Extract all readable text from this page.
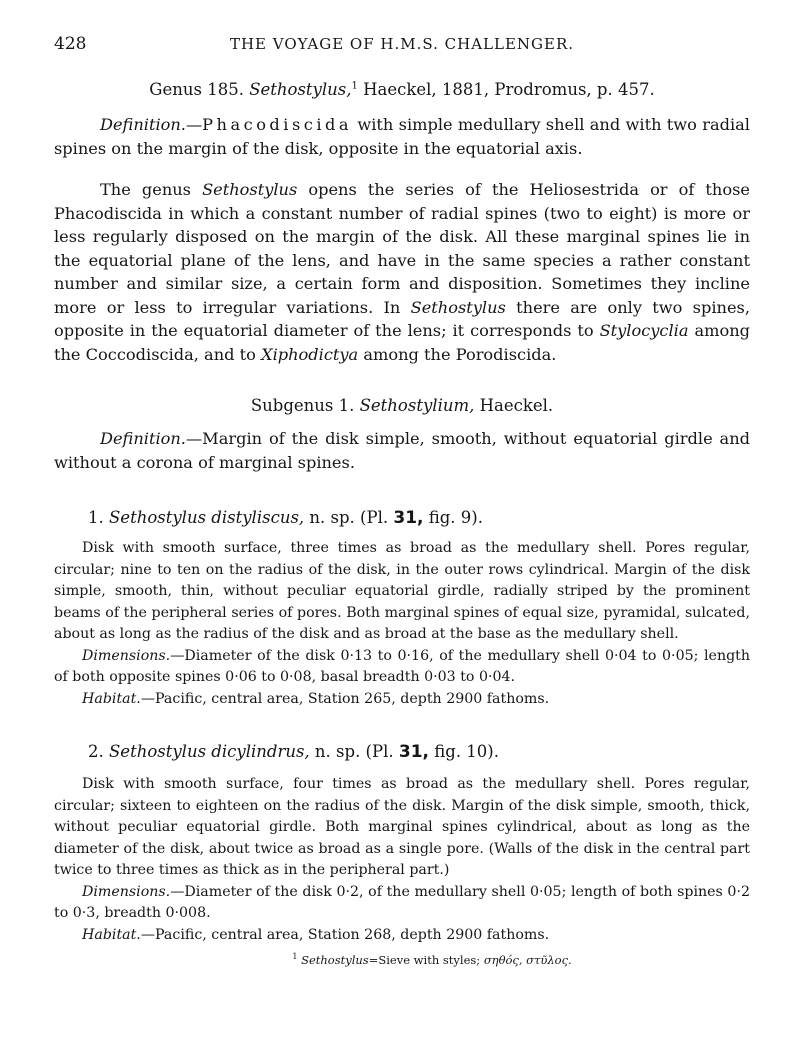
428	THE VOYAGE OF H.M.S. CHALLENGER.
Genus 185. Sethostylus,$^1$ Haeckel, 1881, Prodromus, p. 457.

Definition.—Phacodiscida with simple medullary shell and with two radial spines on the margin of the disk, opposite in the equatorial axis.

The genus Sethostylus opens the series of the Heliosestrida or of those Phacodiscida in which a constant number of radial spines (two to eight) is more or less regularly disposed on the margin of the disk. All these marginal spines lie in the equatorial plane of the lens, and have in the same species a rather constant number and similar size, a certain form and disposition. Sometimes they incline more or less to irregular variations. In Sethostylus there are only two spines, opposite in the equatorial diameter of the lens; it corresponds to Stylocyclia among the Coccodiscida, and to Xiphodictya among the Porodiscida.

Subgenus 1. Sethostylium, Haeckel.

Definition.—Margin of the disk simple, smooth, without equatorial girdle and without a corona of marginal spines.

1. Sethostylus distyliscus, n. sp. (Pl. 31, fig. 9).

Disk with smooth surface, three times as broad as the medullary shell. Pores regular, circular; nine to ten on the radius of the disk, in the outer rows cylindrical. Margin of the disk simple, smooth, thin, without peculiar equatorial girdle, radially striped by the prominent beams of the peripheral series of pores. Both marginal spines of equal size, pyramidal, sulcated, about as long as the radius of the disk and as broad at the base as the medullary shell.

Dimensions.—Diameter of the disk 0·13 to 0·16, of the medullary shell 0·04 to 0·05; length of both opposite spines 0·06 to 0·08, basal breadth 0·03 to 0·04.

Habitat.—Pacific, central area, Station 265, depth 2900 fathoms.

2. Sethostylus dicylindrus, n. sp. (Pl. 31, fig. 10).

Disk with smooth surface, four times as broad as the medullary shell. Pores regular, circular; sixteen to eighteen on the radius of the disk. Margin of the disk simple, smooth, thick, without peculiar equatorial girdle. Both marginal spines cylindrical, about as long as the diameter of the disk, about twice as broad as a single pore. (Walls of the disk in the central part twice to three times as thick as in the peripheral part.)

Dimensions.—Diameter of the disk 0·2, of the medullary shell 0·05; length of both spines 0·2 to 0·3, breadth 0·008.

Habitat.—Pacific, central area, Station 268, depth 2900 fathoms.

$^1$ Sethostylus=Sieve with styles; σηθός, στῦλος.
